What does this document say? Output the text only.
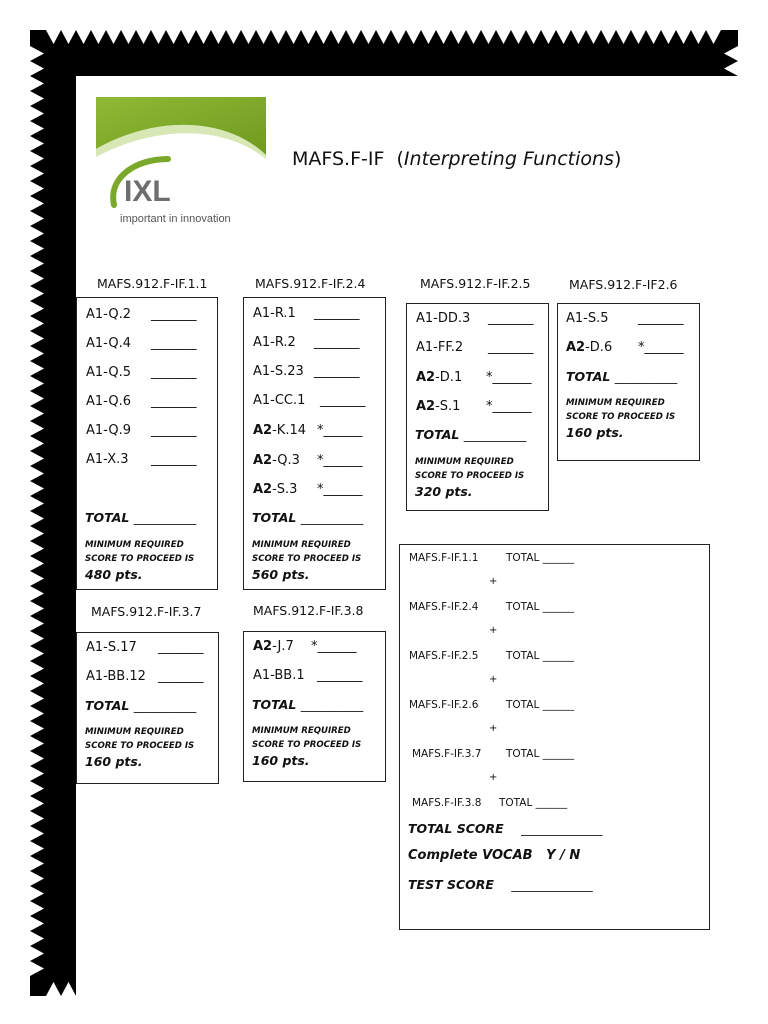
IXL
important in innovation
MAFS.F-IF (Interpreting Functions)
MAFS.912.F-IF.1.1
A1-Q.2 _______
A1-Q.4 _______
A1-Q.5 _______
A1-Q.6 _______
A1-Q.9 _______
A1-X.3 _______
TOTAL __________
MINIMUM REQUIRED
SCORE TO PROCEED IS
480 pts.
MAFS.912.F-IF.2.4
A1-R.1 _______
A1-R.2 _______
A1-S.23 _______
A1-CC.1 _______
A2-K.14 *______
A2-Q.3 *______
A2-S.3 *______
TOTAL __________
MINIMUM REQUIRED
SCORE TO PROCEED IS
560 pts.
MAFS.912.F-IF.2.5
A1-DD.3 _______
A1-FF.2 _______
A2-D.1 *______
A2-S.1 *______
TOTAL __________
MINIMUM REQUIRED
SCORE TO PROCEED IS
320 pts.
MAFS.912.F-IF2.6
A1-S.5 _______
A2-D.6 *______
TOTAL __________
MINIMUM REQUIRED
SCORE TO PROCEED IS
160 pts.
MAFS.912.F-IF.3.7
A1-S.17 _______
A1-BB.12 _______
TOTAL __________
MINIMUM REQUIRED
SCORE TO PROCEED IS
160 pts.
MAFS.912.F-IF.3.8
A2-J.7 *______
A1-BB.1 _______
TOTAL __________
MINIMUM REQUIRED
SCORE TO PROCEED IS
160 pts.
MAFS.F-IF.1.1	TOTAL ______
+
MAFS.F-IF.2.4	TOTAL ______
+
MAFS.F-IF.2.5	TOTAL ______
+
MAFS.F-IF.2.6	TOTAL ______
+
MAFS.F-IF.3.7 TOTAL ______
+
MAFS.F-IF.3.8 TOTAL ______
TOTAL SCORE _____________
Complete VOCAB Y / N
TEST SCORE _____________
